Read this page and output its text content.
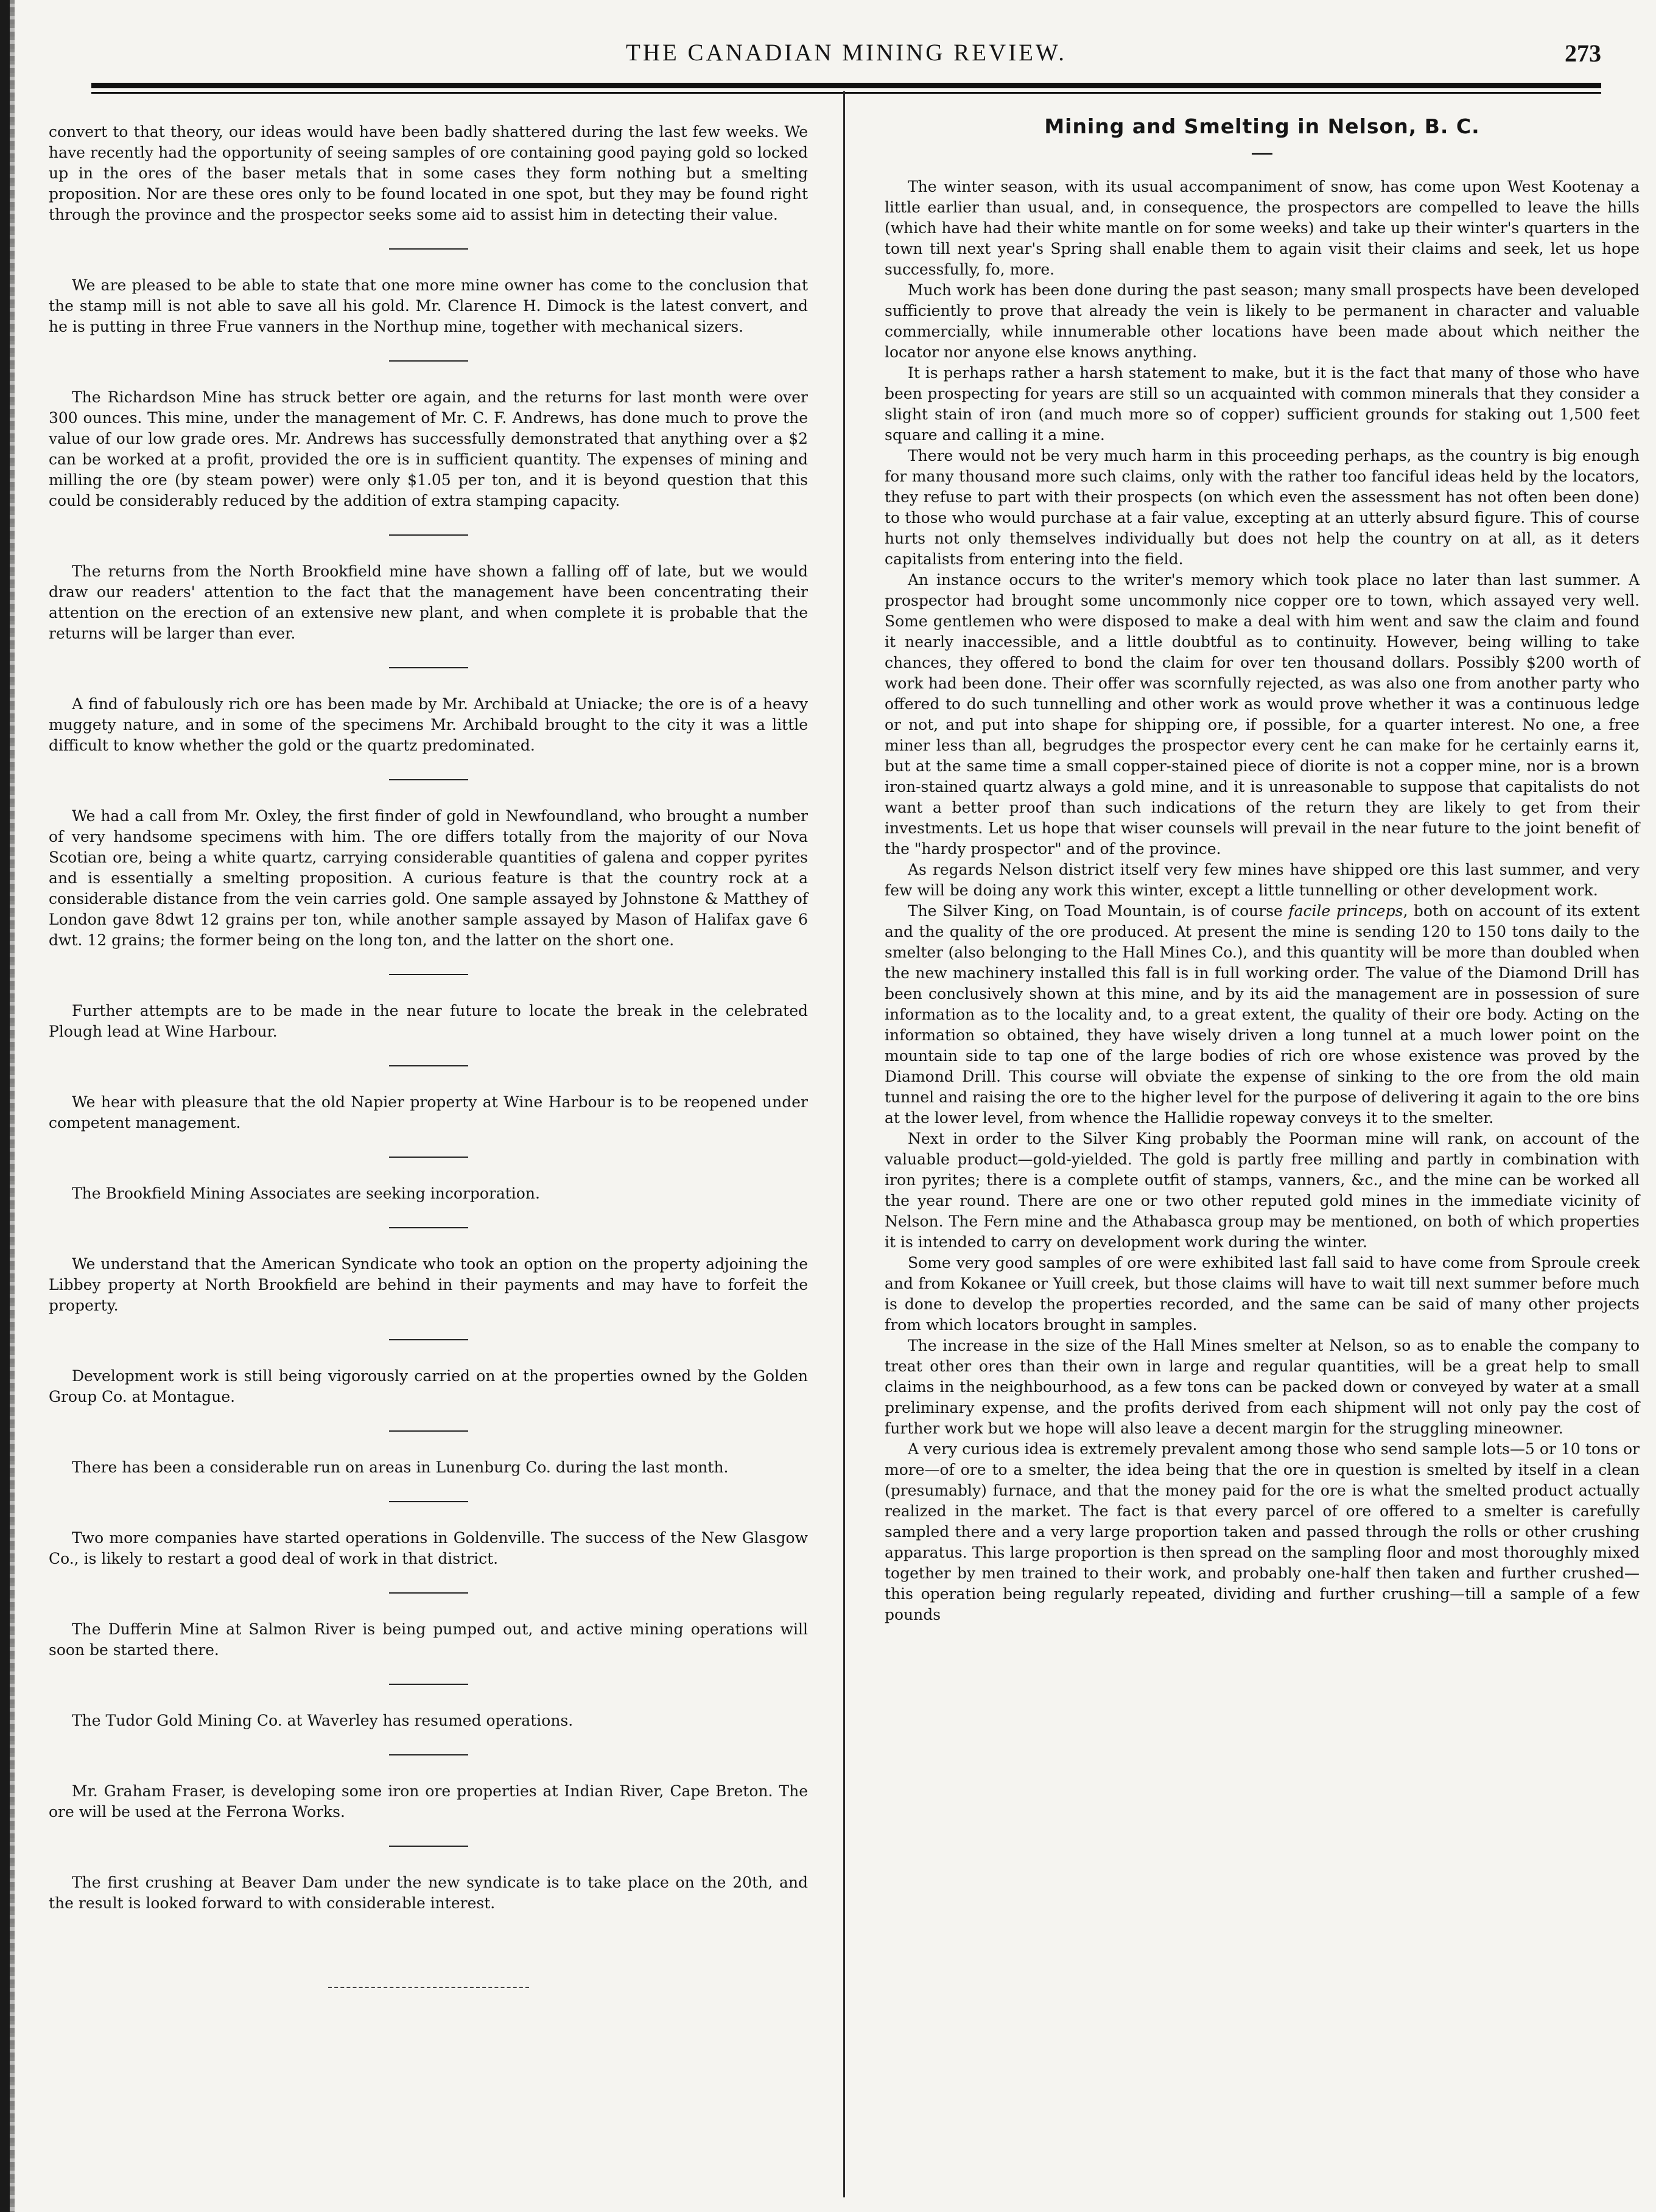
THE CANADIAN MINING REVIEW.	273

convert to that theory, our ideas would have been badly shattered during the last few weeks. We have recently had the opportunity of seeing samples of ore containing good paying gold so locked up in the ores of the baser metals that in some cases they form nothing but a smelting proposition. Nor are these ores only to be found located in one spot, but they may be found right through the province and the prospector seeks some aid to assist him in detecting their value.

We are pleased to be able to state that one more mine owner has come to the conclusion that the stamp mill is not able to save all his gold. Mr. Clarence H. Dimock is the latest convert, and he is putting in three Frue vanners in the Northup mine, together with mechanical sizers.

The Richardson Mine has struck better ore again, and the returns for last month were over 300 ounces. This mine, under the management of Mr. C. F. Andrews, has done much to prove the value of our low grade ores. Mr. Andrews has successfully demonstrated that anything over a $2 can be worked at a profit, provided the ore is in sufficient quantity. The expenses of mining and milling the ore (by steam power) were only $1.05 per ton, and it is beyond question that this could be considerably reduced by the addition of extra stamping capacity.

The returns from the North Brookfield mine have shown a falling off of late, but we would draw our readers' attention to the fact that the management have been concentrating their attention on the erection of an extensive new plant, and when complete it is probable that the returns will be larger than ever.

A find of fabulously rich ore has been made by Mr. Archibald at Uniacke; the ore is of a heavy muggety nature, and in some of the specimens Mr. Archibald brought to the city it was a little difficult to know whether the gold or the quartz predominated.

We had a call from Mr. Oxley, the first finder of gold in Newfoundland, who brought a number of very handsome specimens with him. The ore differs totally from the majority of our Nova Scotian ore, being a white quartz, carrying considerable quantities of galena and copper pyrites and is essentially a smelting proposition. A curious feature is that the country rock at a considerable distance from the vein carries gold. One sample assayed by Johnstone & Matthey of London gave 8dwt 12 grains per ton, while another sample assayed by Mason of Halifax gave 6 dwt. 12 grains; the former being on the long ton, and the latter on the short one.

Further attempts are to be made in the near future to locate the break in the celebrated Plough lead at Wine Harbour.

We hear with pleasure that the old Napier property at Wine Harbour is to be reopened under competent management.

The Brookfield Mining Associates are seeking incorporation.

We understand that the American Syndicate who took an option on the property adjoining the Libbey property at North Brookfield are behind in their payments and may have to forfeit the property.

Development work is still being vigorously carried on at the properties owned by the Golden Group Co. at Montague.

There has been a considerable run on areas in Lunenburg Co. during the last month.

Two more companies have started operations in Goldenville. The success of the New Glasgow Co., is likely to restart a good deal of work in that district.

The Dufferin Mine at Salmon River is being pumped out, and active mining operations will soon be started there.

The Tudor Gold Mining Co. at Waverley has resumed operations.

Mr. Graham Fraser, is developing some iron ore properties at Indian River, Cape Breton. The ore will be used at the Ferrona Works.

The first crushing at Beaver Dam under the new syndicate is to take place on the 20th, and the result is looked forward to with considerable interest.

Mining and Smelting in Nelson, B. C.

The winter season, with its usual accompaniment of snow, has come upon West Kootenay a little earlier than usual, and, in consequence, the prospectors are compelled to leave the hills (which have had their white mantle on for some weeks) and take up their winter's quarters in the town till next year's Spring shall enable them to again visit their claims and seek, let us hope successfully, fo, more.

Much work has been done during the past season; many small prospects have been developed sufficiently to prove that already the vein is likely to be permanent in character and valuable commercially, while innumerable other locations have been made about which neither the locator nor anyone else knows anything.

It is perhaps rather a harsh statement to make, but it is the fact that many of those who have been prospecting for years are still so un acquainted with common minerals that they consider a slight stain of iron (and much more so of copper) sufficient grounds for staking out 1,500 feet square and calling it a mine.

There would not be very much harm in this proceeding perhaps, as the country is big enough for many thousand more such claims, only with the rather too fanciful ideas held by the locators, they refuse to part with their prospects (on which even the assessment has not often been done) to those who would purchase at a fair value, excepting at an utterly absurd figure. This of course hurts not only themselves individually but does not help the country on at all, as it deters capitalists from entering into the field.

An instance occurs to the writer's memory which took place no later than last summer. A prospector had brought some uncommonly nice copper ore to town, which assayed very well. Some gentlemen who were disposed to make a deal with him went and saw the claim and found it nearly inaccessible, and a little doubtful as to continuity. However, being willing to take chances, they offered to bond the claim for over ten thousand dollars. Possibly $200 worth of work had been done. Their offer was scornfully rejected, as was also one from another party who offered to do such tunnelling and other work as would prove whether it was a continuous ledge or not, and put into shape for shipping ore, if possible, for a quarter interest. No one, a free miner less than all, begrudges the prospector every cent he can make for he certainly earns it, but at the same time a small copper-stained piece of diorite is not a copper mine, nor is a brown iron-stained quartz always a gold mine, and it is unreasonable to suppose that capitalists do not want a better proof than such indications of the return they are likely to get from their investments. Let us hope that wiser counsels will prevail in the near future to the joint benefit of the "hardy prospector" and of the province.

As regards Nelson district itself very few mines have shipped ore this last summer, and very few will be doing any work this winter, except a little tunnelling or other development work.

The Silver King, on Toad Mountain, is of course facile princeps, both on account of its extent and the quality of the ore produced. At present the mine is sending 120 to 150 tons daily to the smelter (also belonging to the Hall Mines Co.), and this quantity will be more than doubled when the new machinery installed this fall is in full working order. The value of the Diamond Drill has been conclusively shown at this mine, and by its aid the management are in possession of sure information as to the locality and, to a great extent, the quality of their ore body. Acting on the information so obtained, they have wisely driven a long tunnel at a much lower point on the mountain side to tap one of the large bodies of rich ore whose existence was proved by the Diamond Drill. This course will obviate the expense of sinking to the ore from the old main tunnel and raising the ore to the higher level for the purpose of delivering it again to the ore bins at the lower level, from whence the Hallidie ropeway conveys it to the smelter.

Next in order to the Silver King probably the Poorman mine will rank, on account of the valuable product—gold-yielded. The gold is partly free milling and partly in combination with iron pyrites; there is a complete outfit of stamps, vanners, &c., and the mine can be worked all the year round. There are one or two other reputed gold mines in the immediate vicinity of Nelson. The Fern mine and the Athabasca group may be mentioned, on both of which properties it is intended to carry on development work during the winter.

Some very good samples of ore were exhibited last fall said to have come from Sproule creek and from Kokanee or Yuill creek, but those claims will have to wait till next summer before much is done to develop the properties recorded, and the same can be said of many other projects from which locators brought in samples.

The increase in the size of the Hall Mines smelter at Nelson, so as to enable the company to treat other ores than their own in large and regular quantities, will be a great help to small claims in the neighbourhood, as a few tons can be packed down or conveyed by water at a small preliminary expense, and the profits derived from each shipment will not only pay the cost of further work but we hope will also leave a decent margin for the struggling mineowner.

A very curious idea is extremely prevalent among those who send sample lots—5 or 10 tons or more—of ore to a smelter, the idea being that the ore in question is smelted by itself in a clean (presumably) furnace, and that the money paid for the ore is what the smelted product actually realized in the market. The fact is that every parcel of ore offered to a smelter is carefully sampled there and a very large proportion taken and passed through the rolls or other crushing apparatus. This large proportion is then spread on the sampling floor and most thoroughly mixed together by men trained to their work, and probably one-half then taken and further crushed—this operation being regularly repeated, dividing and further crushing—till a sample of a few pounds
